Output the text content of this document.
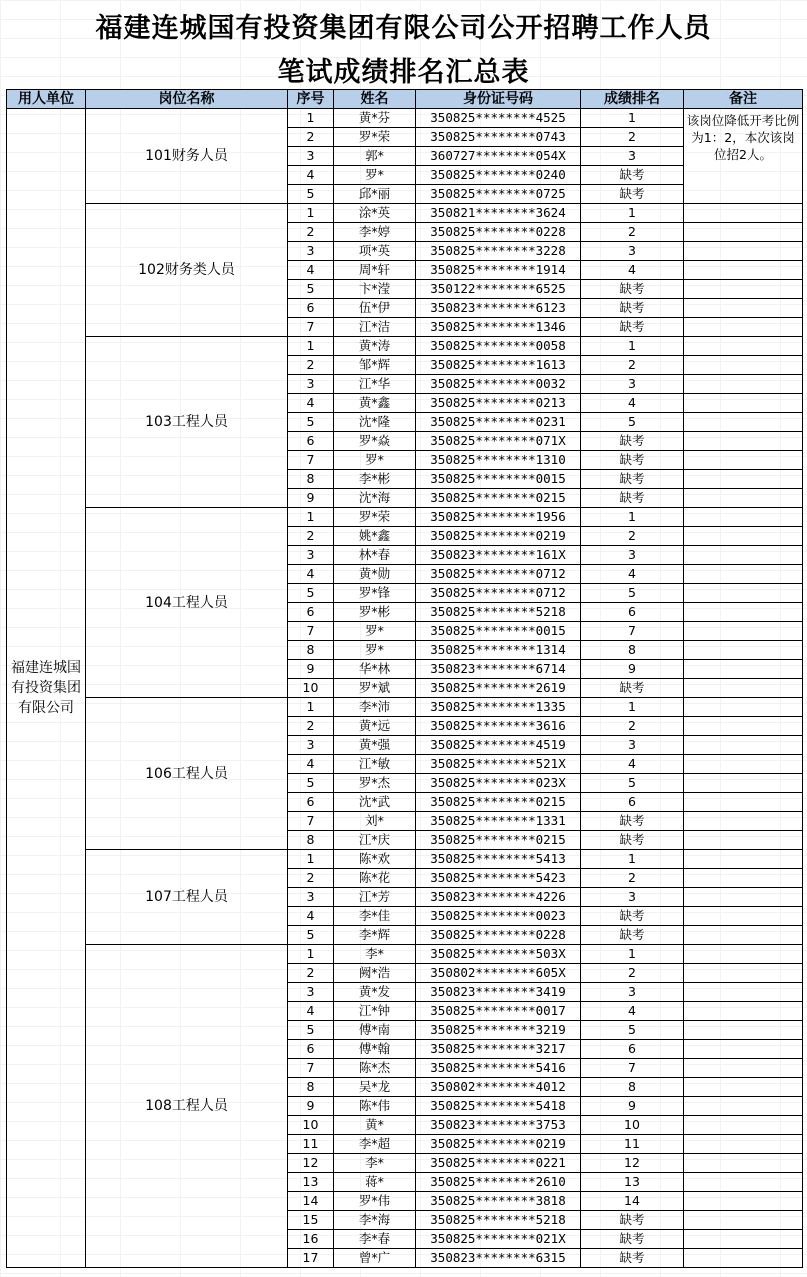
福建连城国有投资集团有限公司公开招聘工作人员
笔试成绩排名汇总表
用人单位	岗位名称	序号	姓名	身份证号码	成绩排名	备注
福建连城国有投资集团有限公司	101财务人员	1	黄*芬	350825********4525	1	该岗位降低开考比例为1：2，本次该岗位招2人。
		2	罗*荣	350825********0743	2	
		3	郭*	360727********054X	3	
		4	罗*	350825********0240	缺考	
		5	邱*丽	350825********0725	缺考	
	102财务类人员	1	涂*英	350821********3624	1	
		2	李*婷	350825********0228	2	
		3	项*英	350825********3228	3	
		4	周*轩	350825********1914	4	
		5	卞*滢	350122********6525	缺考	
		6	伍*伊	350823********6123	缺考	
		7	江*洁	350825********1346	缺考	
	103工程人员	1	黄*涛	350825********0058	1	
		2	邹*辉	350825********1613	2	
		3	江*华	350825********0032	3	
		4	黄*鑫	350825********0213	4	
		5	沈*隆	350825********0231	5	
		6	罗*焱	350825********071X	缺考	
		7	罗*	350825********1310	缺考	
		8	李*彬	350825********0015	缺考	
		9	沈*海	350825********0215	缺考	
	104工程人员	1	罗*荣	350825********1956	1	
		2	姚*鑫	350825********0219	2	
		3	林*春	350823********161X	3	
		4	黄*勋	350825********0712	4	
		5	罗*锋	350825********0712	5	
		6	罗*彬	350825********5218	6	
		7	罗*	350825********0015	7	
		8	罗*	350825********1314	8	
		9	华*林	350823********6714	9	
		10	罗*斌	350825********2619	缺考	
	106工程人员	1	李*沛	350825********1335	1	
		2	黄*远	350825********3616	2	
		3	黄*强	350825********4519	3	
		4	江*敏	350825********521X	4	
		5	罗*杰	350825********023X	5	
		6	沈*武	350825********0215	6	
		7	刘*	350825********1331	缺考	
		8	江*庆	350825********0215	缺考	
	107工程人员	1	陈*欢	350825********5413	1	
		2	陈*花	350825********5423	2	
		3	江*芳	350823********4226	3	
		4	李*佳	350825********0023	缺考	
		5	李*辉	350825********0228	缺考	
	108工程人员	1	李*	350825********503X	1	
		2	阙*浩	350802********605X	2	
		3	黄*发	350823********3419	3	
		4	江*钟	350825********0017	4	
		5	傅*南	350825********3219	5	
		6	傅*翰	350825********3217	6	
		7	陈*杰	350825********5416	7	
		8	吴*龙	350802********4012	8	
		9	陈*伟	350825********5418	9	
		10	黄*	350823********3753	10	
		11	李*超	350825********0219	11	
		12	李*	350825********0221	12	
		13	蒋*	350825********2610	13	
		14	罗*伟	350825********3818	14	
		15	李*海	350825********5218	缺考	
		16	李*春	350825********021X	缺考	
		17	曾*广	350823********6315	缺考	
